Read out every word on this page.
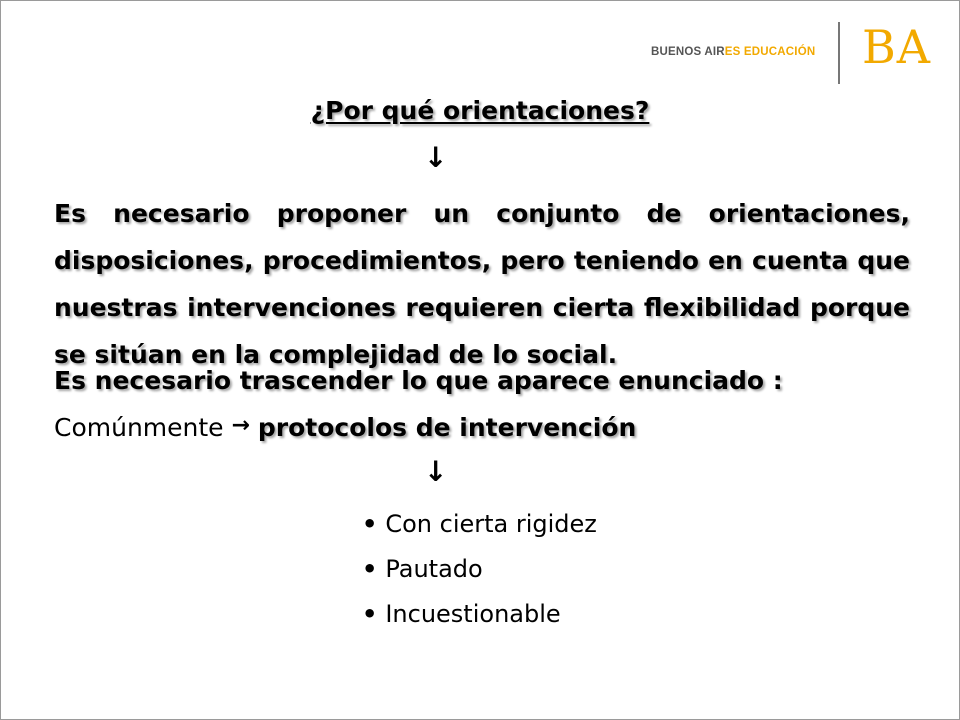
BUENOS AIRES EDUCACIÓN BA
¿Por qué orientaciones?
↓
Es necesario proponer un conjunto de orientaciones, disposiciones, procedimientos, pero teniendo en cuenta que nuestras intervenciones requieren cierta flexibilidad porque se sitúan en la complejidad de lo social.
Es necesario trascender lo que aparece enunciado :
Comúnmente → protocolos de intervención
↓
• Con cierta rigidez
• Pautado
• Incuestionable
